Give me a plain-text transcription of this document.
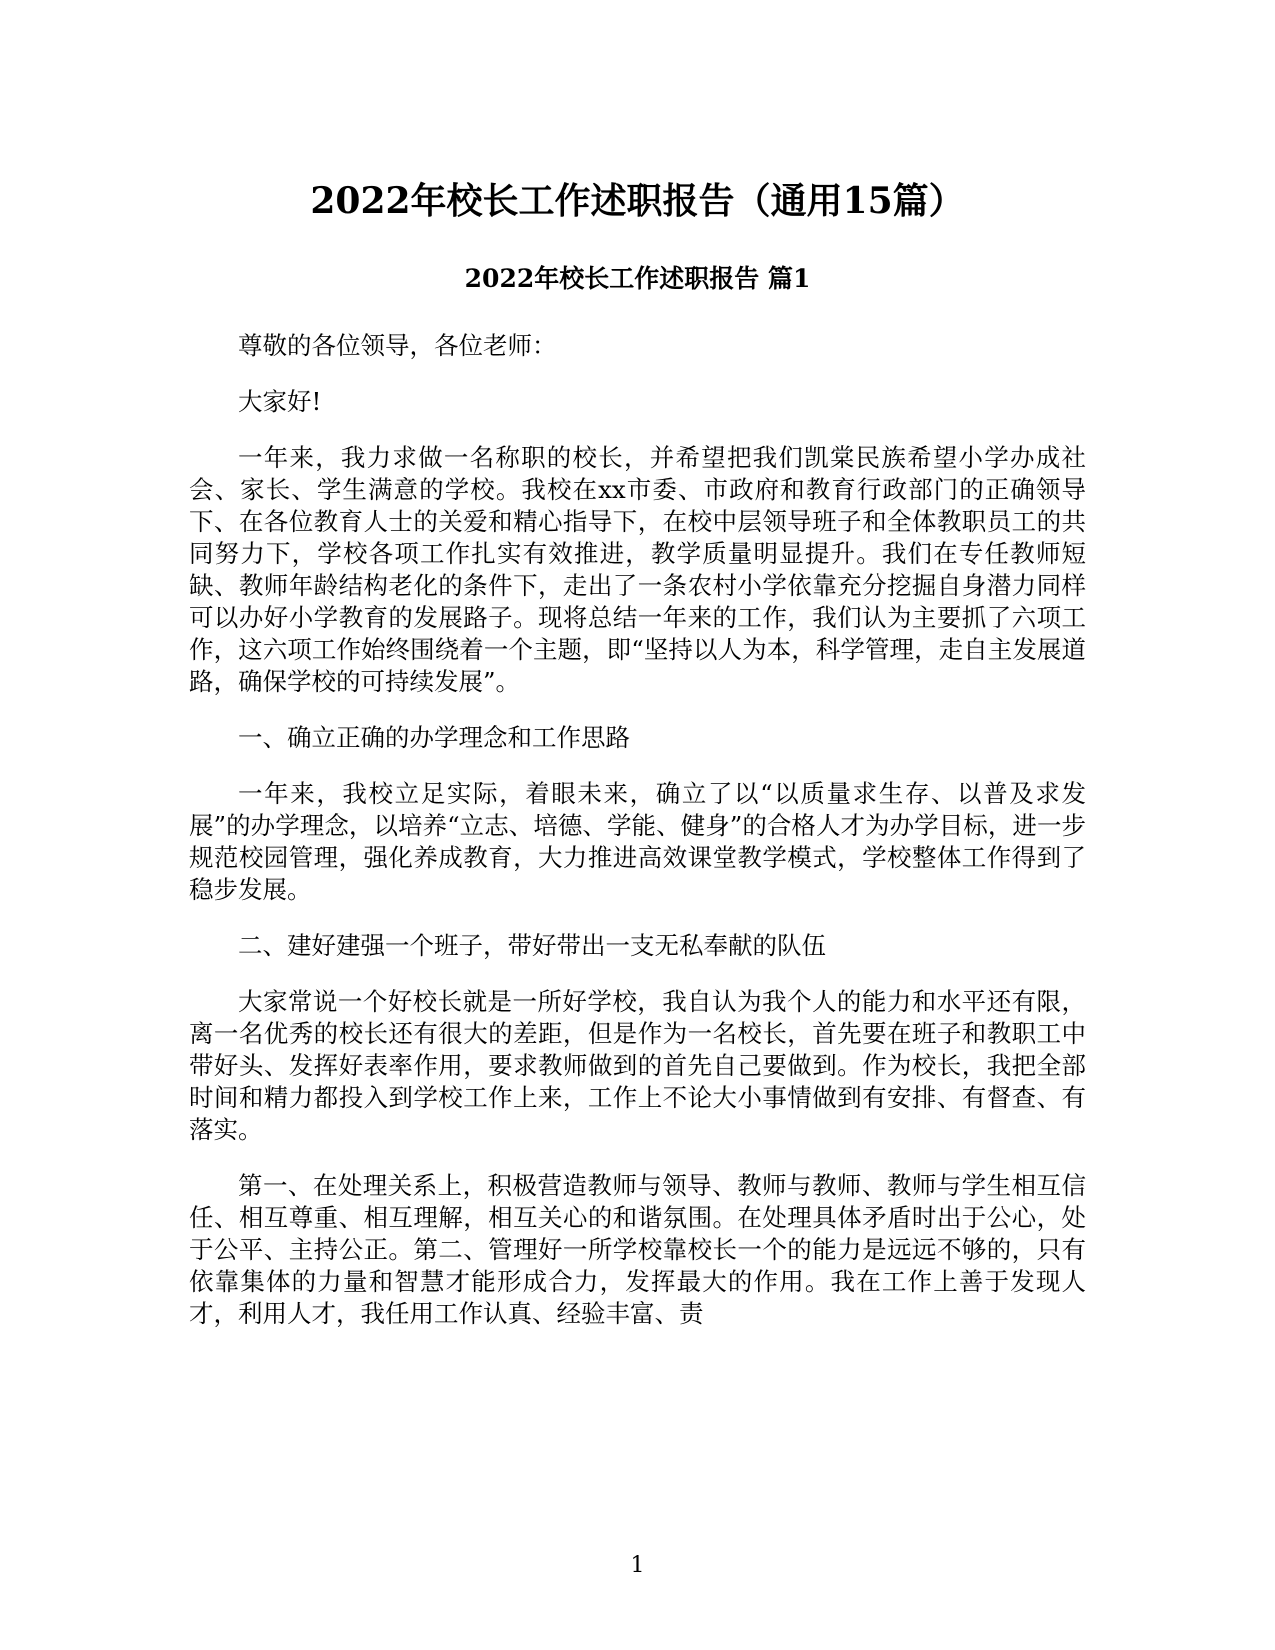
2022年校长工作述职报告（通用15篇）
2022年校长工作述职报告 篇1

尊敬的各位领导，各位老师：

大家好!

一年来，我力求做一名称职的校长，并希望把我们凯棠民族希望小学办成社会、家长、学生满意的学校。我校在xx市委、市政府和教育行政部门的正确领导下、在各位教育人士的关爱和精心指导下，在校中层领导班子和全体教职员工的共同努力下，学校各项工作扎实有效推进，教学质量明显提升。我们在专任教师短缺、教师年龄结构老化的条件下，走出了一条农村小学依靠充分挖掘自身潜力同样可以办好小学教育的发展路子。现将总结一年来的工作，我们认为主要抓了六项工作，这六项工作始终围绕着一个主题，即“坚持以人为本，科学管理，走自主发展道路，确保学校的可持续发展”。

一、确立正确的办学理念和工作思路

一年来，我校立足实际，着眼未来，确立了以“以质量求生存、以普及求发展”的办学理念，以培养“立志、培德、学能、健身”的合格人才为办学目标，进一步规范校园管理，强化养成教育，大力推进高效课堂教学模式，学校整体工作得到了稳步发展。

二、建好建强一个班子，带好带出一支无私奉献的队伍

大家常说一个好校长就是一所好学校，我自认为我个人的能力和水平还有限，离一名优秀的校长还有很大的差距，但是作为一名校长，首先要在班子和教职工中带好头、发挥好表率作用，要求教师做到的首先自己要做到。作为校长，我把全部时间和精力都投入到学校工作上来，工作上不论大小事情做到有安排、有督查、有落实。

第一、在处理关系上，积极营造教师与领导、教师与教师、教师与学生相互信任、相互尊重、相互理解，相互关心的和谐氛围。在处理具体矛盾时出于公心，处于公平、主持公正。第二、管理好一所学校靠校长一个的能力是远远不够的，只有依靠集体的力量和智慧才能形成合力，发挥最大的作用。我在工作上善于发现人才，利用人才，我任用工作认真、经验丰富、责

1
